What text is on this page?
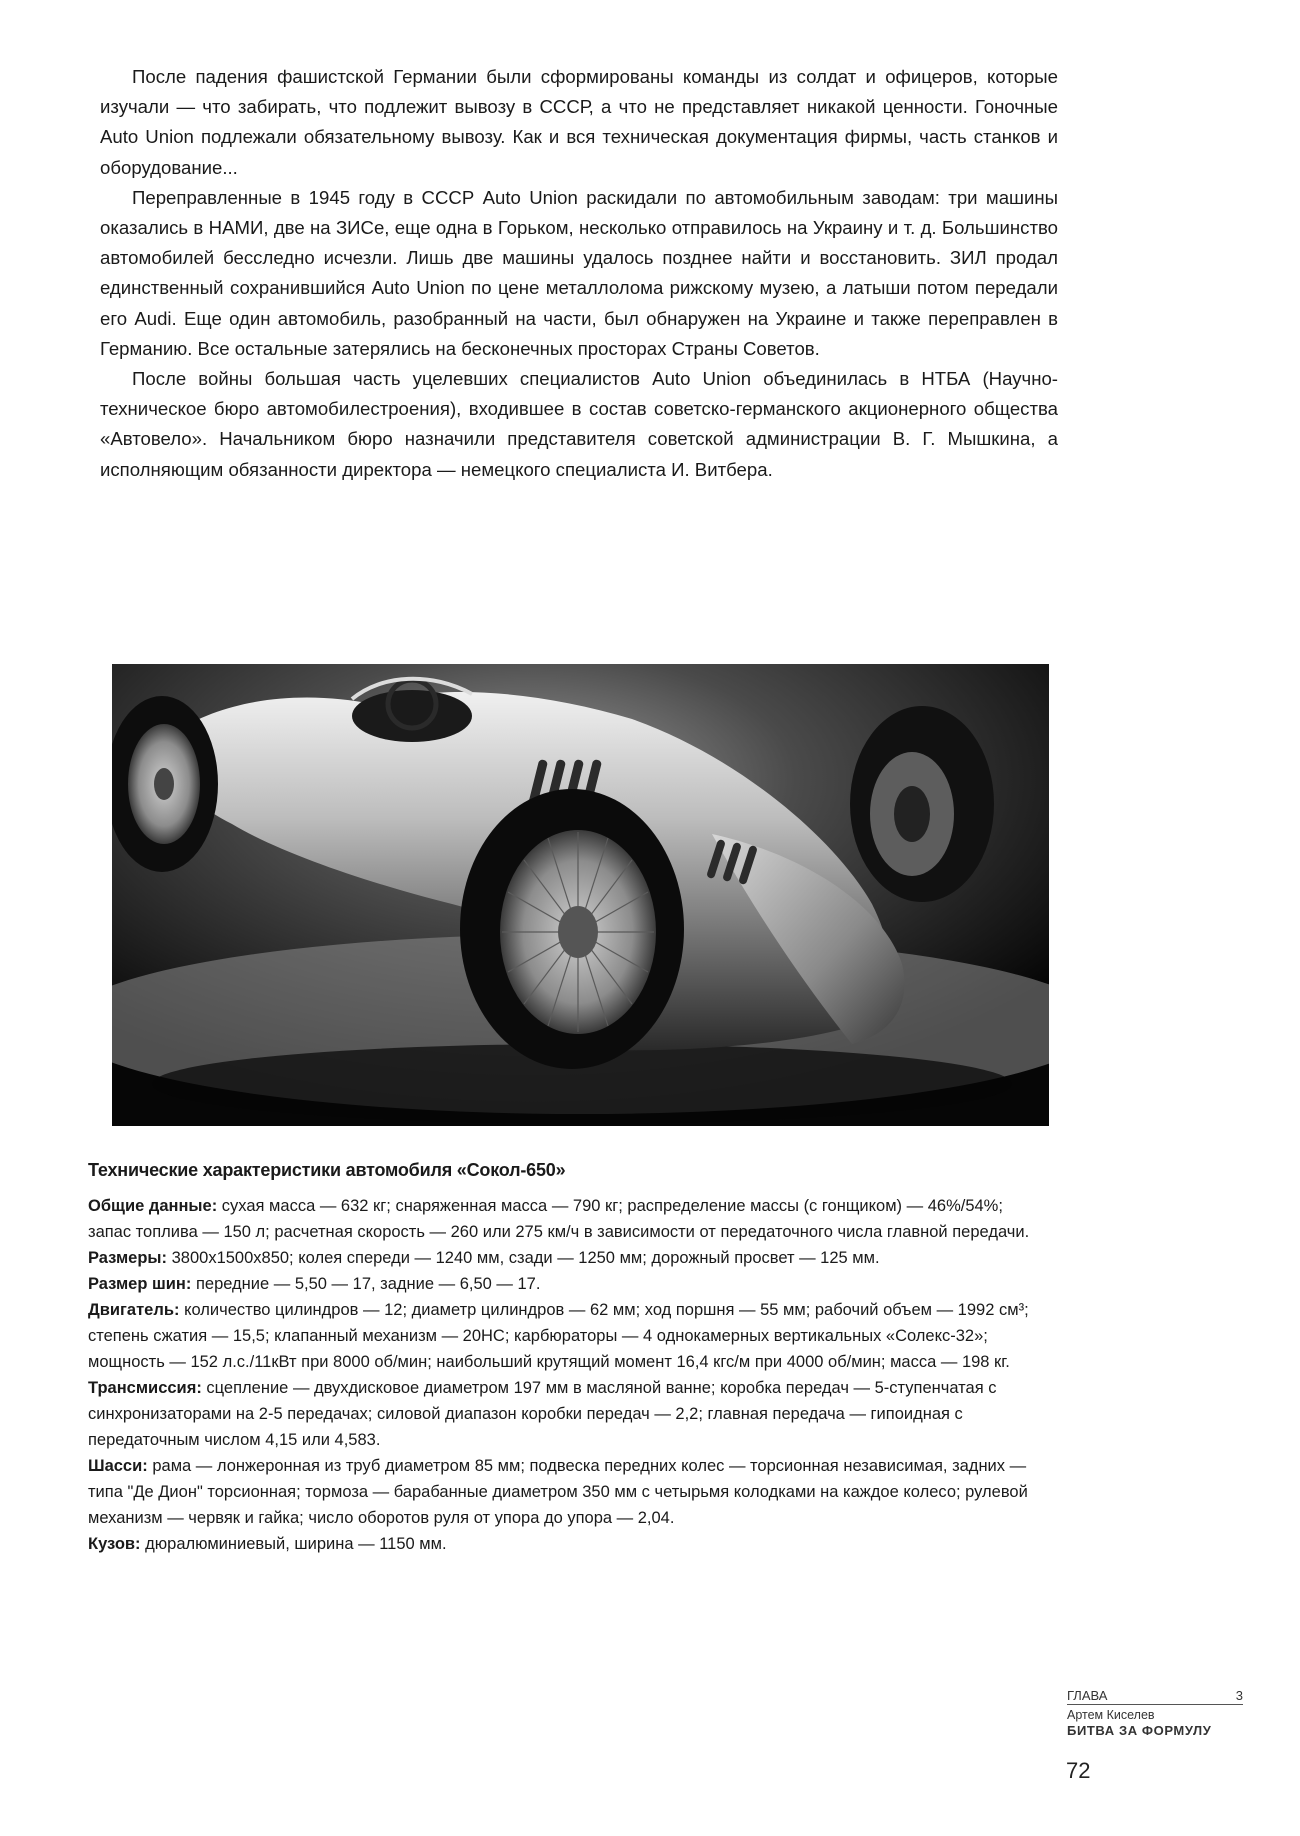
После падения фашистской Германии были сформированы команды из солдат и офицеров, которые изучали — что забирать, что подлежит вывозу в СССР, а что не представляет никакой ценности. Гоночные Auto Union подлежали обязательному вывозу. Как и вся техническая документация фирмы, часть станков и оборудование...

Переправленные в 1945 году в СССР Auto Union раскидали по автомобильным заводам: три машины оказались в НАМИ, две на ЗИСе, еще одна в Горьком, несколько отправилось на Украину и т. д. Большинство автомобилей бесследно исчезли. Лишь две машины удалось позднее найти и восстановить. ЗИЛ продал единственный сохранившийся Auto Union по цене металлолома рижскому музею, а латыши потом передали его Audi. Еще один автомобиль, разобранный на части, был обнаружен на Украине и также переправлен в Германию. Все остальные затерялись на бесконечных просторах Страны Советов.

После войны большая часть уцелевших специалистов Auto Union объединилась в НТБА (Научно-техническое бюро автомобилестроения), входившее в состав советско-германского акционерного общества «Автовело». Начальником бюро назначили представителя советской администрации В. Г. Мышкина, а исполняющим обязанности директора — немецкого специалиста И. Витбера.

Технические характеристики автомобиля «Сокол-650»

Общие данные: сухая масса — 632 кг; снаряженная масса — 790 кг; распределение массы (с гонщиком) — 46%/54%; запас топлива — 150 л; расчетная скорость — 260 или 275 км/ч в зависимости от передаточного числа главной передачи.

Размеры: 3800x1500x850; колея спереди — 1240 мм, сзади — 1250 мм; дорожный просвет — 125 мм.

Размер шин: передние — 5,50 — 17, задние — 6,50 — 17.

Двигатель: количество цилиндров — 12; диаметр цилиндров — 62 мм; ход поршня — 55 мм; рабочий объем — 1992 см³; степень сжатия — 15,5; клапанный механизм — 20НС; карбюраторы — 4 однокамерных вертикальных «Солекс-32»; мощность — 152 л.с./11кВт при 8000 об/мин; наибольший крутящий момент 16,4 кгс/м при 4000 об/мин; масса — 198 кг.

Трансмиссия: сцепление — двухдисковое диаметром 197 мм в масляной ванне; коробка передач — 5-ступенчатая с синхронизаторами на 2-5 передачах; силовой диапазон коробки передач — 2,2; главная передача — гипоидная с передаточным числом 4,15 или 4,583.

Шасси: рама — лонжеронная из труб диаметром 85 мм; подвеска передних колес — торсионная независимая, задних — типа "Де Дион" торсионная; тормоза — барабанные диаметром 350 мм с четырьмя колодками на каждое колесо; рулевой механизм — червяк и гайка; число оборотов руля от упора до упора — 2,04.

Кузов: дюралюминиевый, ширина — 1150 мм.

ГЛАВА	3
Артем Киселев
БИТВА ЗА ФОРМУЛУ
72
